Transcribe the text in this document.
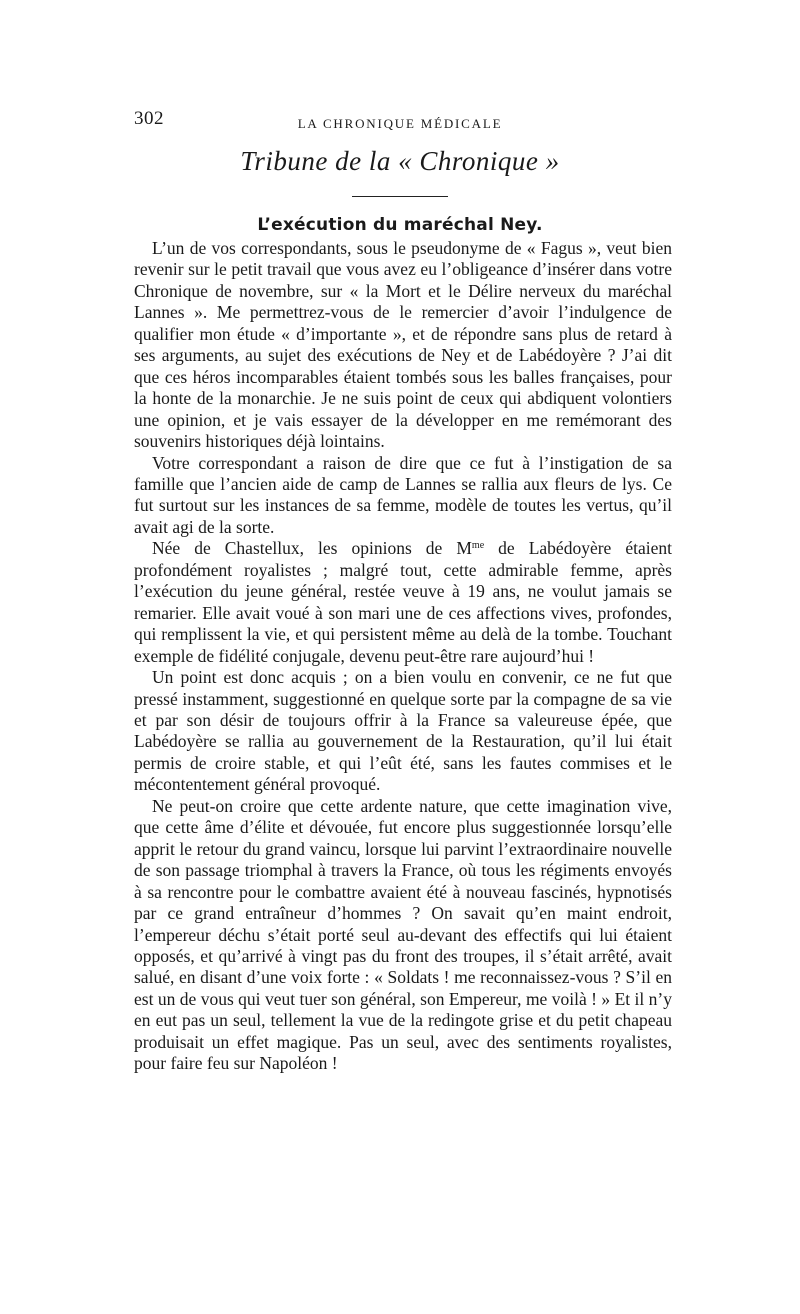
302	LA CHRONIQUE MÉDICALE
Tribune de la « Chronique »
L’exécution du maréchal Ney.

L’un de vos correspondants, sous le pseudonyme de « Fagus », veut bien revenir sur le petit travail que vous avez eu l’obligeance d’insérer dans votre Chronique de novembre, sur « la Mort et le Délire nerveux du maréchal Lannes ». Me permettrez-vous de le remercier d’avoir l’indulgence de qualifier mon étude « d’importante », et de répondre sans plus de retard à ses arguments, au sujet des exécutions de Ney et de Labédoyère ? J’ai dit que ces héros incomparables étaient tombés sous les balles françaises, pour la honte de la monarchie. Je ne suis point de ceux qui abdiquent volontiers une opinion, et je vais essayer de la développer en me remémorant des souvenirs historiques déjà lointains.

Votre correspondant a raison de dire que ce fut à l’instigation de sa famille que l’ancien aide de camp de Lannes se rallia aux fleurs de lys. Ce fut surtout sur les instances de sa femme, modèle de toutes les vertus, qu’il avait agi de la sorte.

Née de Chastellux, les opinions de $M^{me}$ de Labédoyère étaient profondément royalistes ; malgré tout, cette admirable femme, après l’exécution du jeune général, restée veuve à 19 ans, ne voulut jamais se remarier. Elle avait voué à son mari une de ces affections vives, profondes, qui remplissent la vie, et qui persistent même au delà de la tombe. Touchant exemple de fidélité conjugale, devenu peut-être rare aujourd’hui !

Un point est donc acquis ; on a bien voulu en convenir, ce ne fut que pressé instamment, suggestionné en quelque sorte par la compagne de sa vie et par son désir de toujours offrir à la France sa valeureuse épée, que Labédoyère se rallia au gouvernement de la Restauration, qu’il lui était permis de croire stable, et qui l’eût été, sans les fautes commises et le mécontentement général provoqué.

Ne peut-on croire que cette ardente nature, que cette imagination vive, que cette âme d’élite et dévouée, fut encore plus suggestionnée lorsqu’elle apprit le retour du grand vaincu, lorsque lui parvint l’extraordinaire nouvelle de son passage triomphal à travers la France, où tous les régiments envoyés à sa rencontre pour le combattre avaient été à nouveau fascinés, hypnotisés par ce grand entraîneur d’hommes ? On savait qu’en maint endroit, l’empereur déchu s’était porté seul au-devant des effectifs qui lui étaient opposés, et qu’arrivé à vingt pas du front des troupes, il s’était arrêté, avait salué, en disant d’une voix forte : « Soldats ! me reconnaissez-vous ? S’il en est un de vous qui veut tuer son général, son Empereur, me voilà ! » Et il n’y en eut pas un seul, tellement la vue de la redingote grise et du petit chapeau produisait un effet magique. Pas un seul, avec des sentiments royalistes, pour faire feu sur Napoléon !
